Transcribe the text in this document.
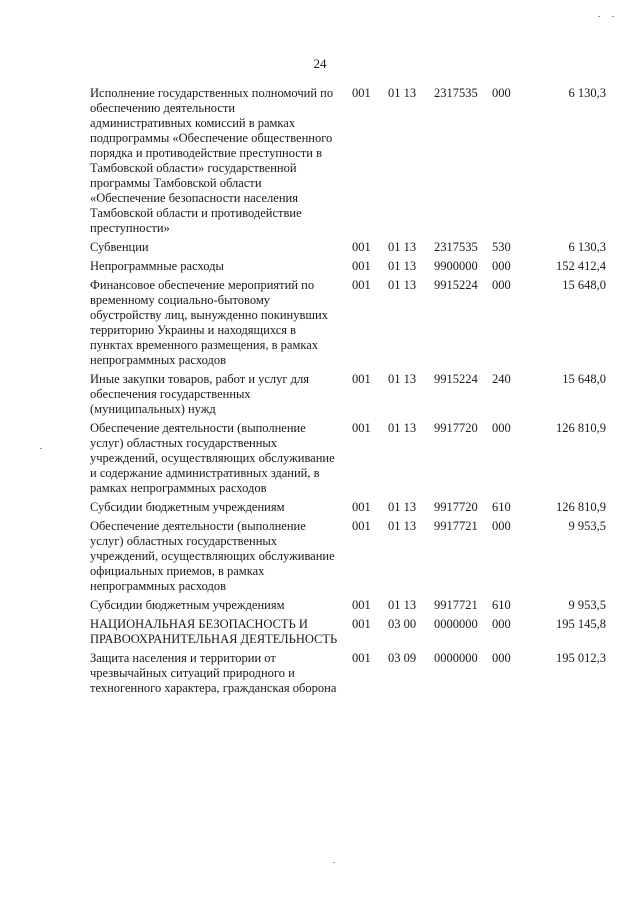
24
Исполнение государственных полномочий по обеспечению деятельности административных комиссий в рамках подпрограммы «Обеспечение общественного порядка и противодействие преступности в Тамбовской области» государственной программы Тамбовской области «Обеспечение безопасности населения Тамбовской области и противодействие преступности»
001	01 13	2317535	000	6 130,3
Субвенции	001	01 13	2317535	530	6 130,3
Непрограммные расходы	001	01 13	9900000	000	152 412,4
Финансовое обеспечение мероприятий по временному социально-бытовому обустройству лиц, вынужденно покинувших территорию Украины и находящихся в пунктах временного размещения, в рамках непрограммных расходов
001	01 13	9915224	000	15 648,0
Иные закупки товаров, работ и услуг для обеспечения государственных (муниципальных) нужд
001	01 13	9915224	240	15 648,0
Обеспечение деятельности (выполнение услуг) областных государственных учреждений, осуществляющих обслуживание и содержание административных зданий, в рамках непрограммных расходов
001	01 13	9917720	000	126 810,9
Субсидии бюджетным учреждениям	001	01 13	9917720	610	126 810,9
Обеспечение деятельности (выполнение услуг) областных государственных учреждений, осуществляющих обслуживание официальных приемов, в рамках непрограммных расходов
001	01 13	9917721	000	9 953,5
Субсидии бюджетным учреждениям	001	01 13	9917721	610	9 953,5
НАЦИОНАЛЬНАЯ БЕЗОПАСНОСТЬ И ПРАВООХРАНИТЕЛЬНАЯ ДЕЯТЕЛЬНОСТЬ
001	03 00	0000000	000	195 145,8
Защита населения и территории от чрезвычайных ситуаций природного и техногенного характера, гражданская оборона
001	03 09	0000000	000	195 012,3
